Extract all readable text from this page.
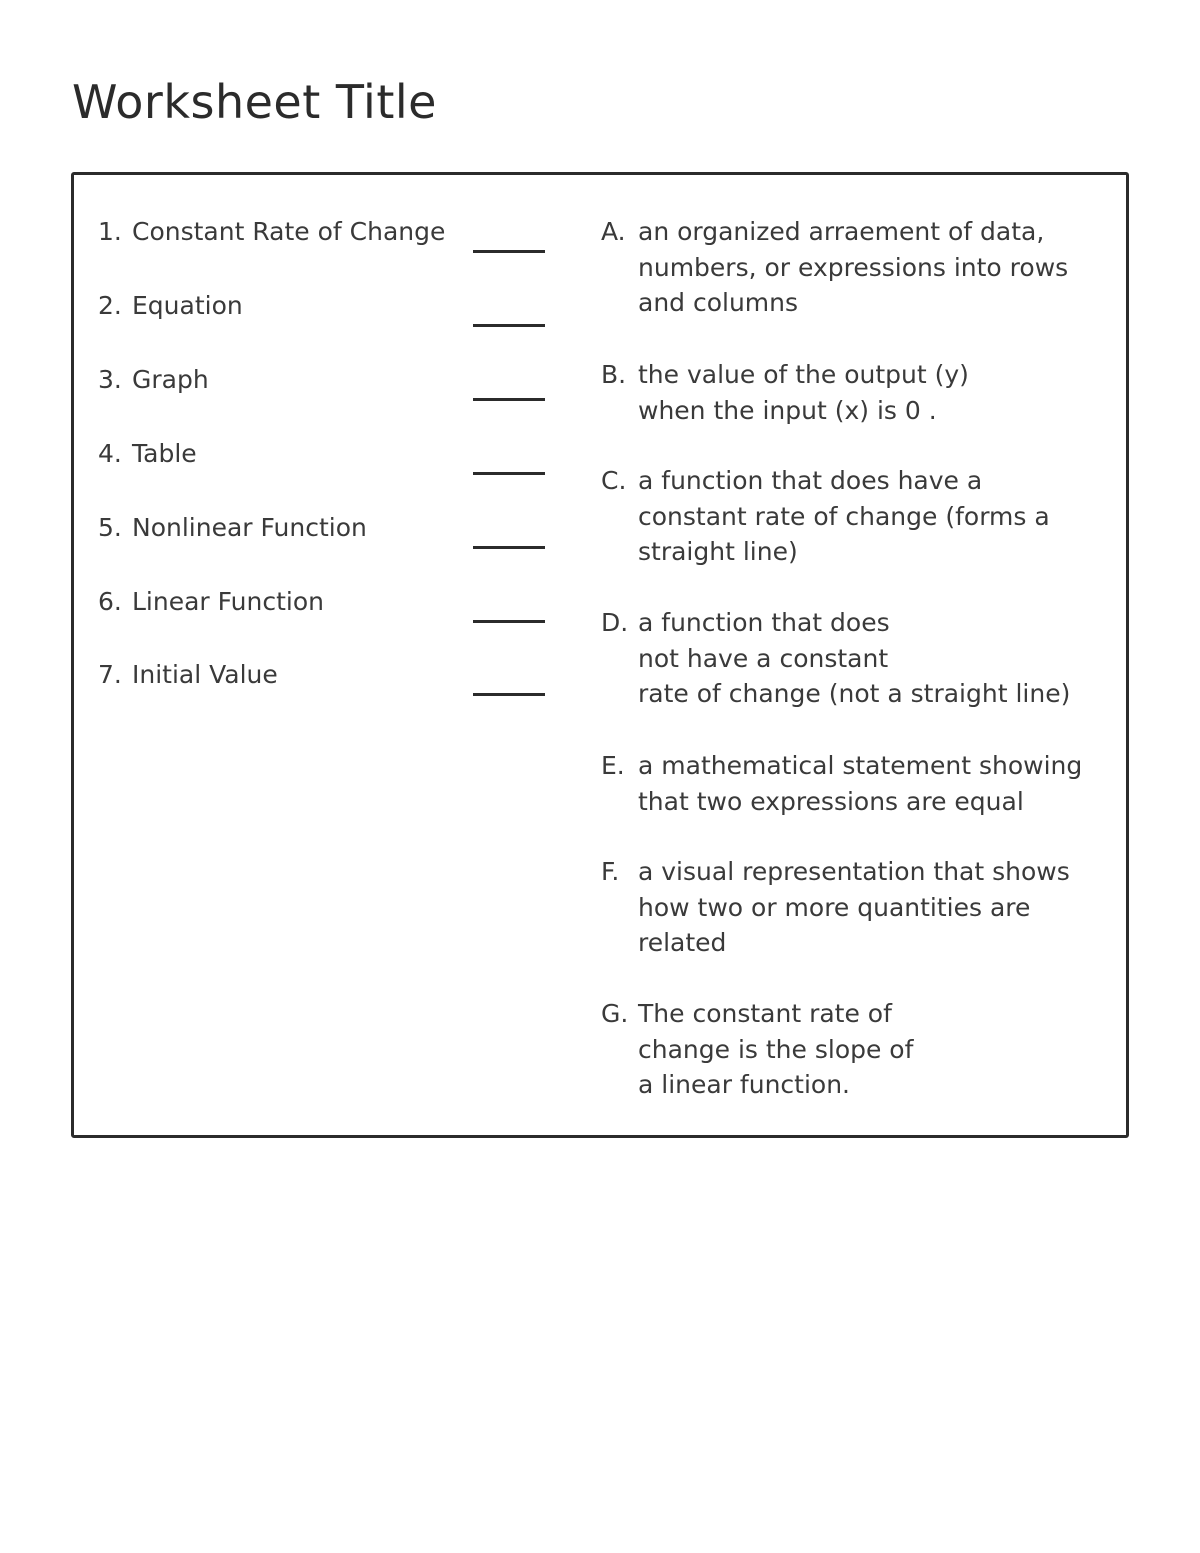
Worksheet Title
1. Constant Rate of Change
2. Equation
3. Graph
4. Table
5. Nonlinear Function
6. Linear Function
7. Initial Value
A. an organized arraement of data,
numbers, or expressions into rows
and columns
B. the value of the output (y)
when the input (x) is 0 .
C. a function that does have a
constant rate of change (forms a
straight line)
D. a function that does
not have a constant
rate of change (not a straight line)
E. a mathematical statement showing
that two expressions are equal
F. a visual representation that shows
how two or more quantities are
related
G. The constant rate of
change is the slope of
a linear function.
